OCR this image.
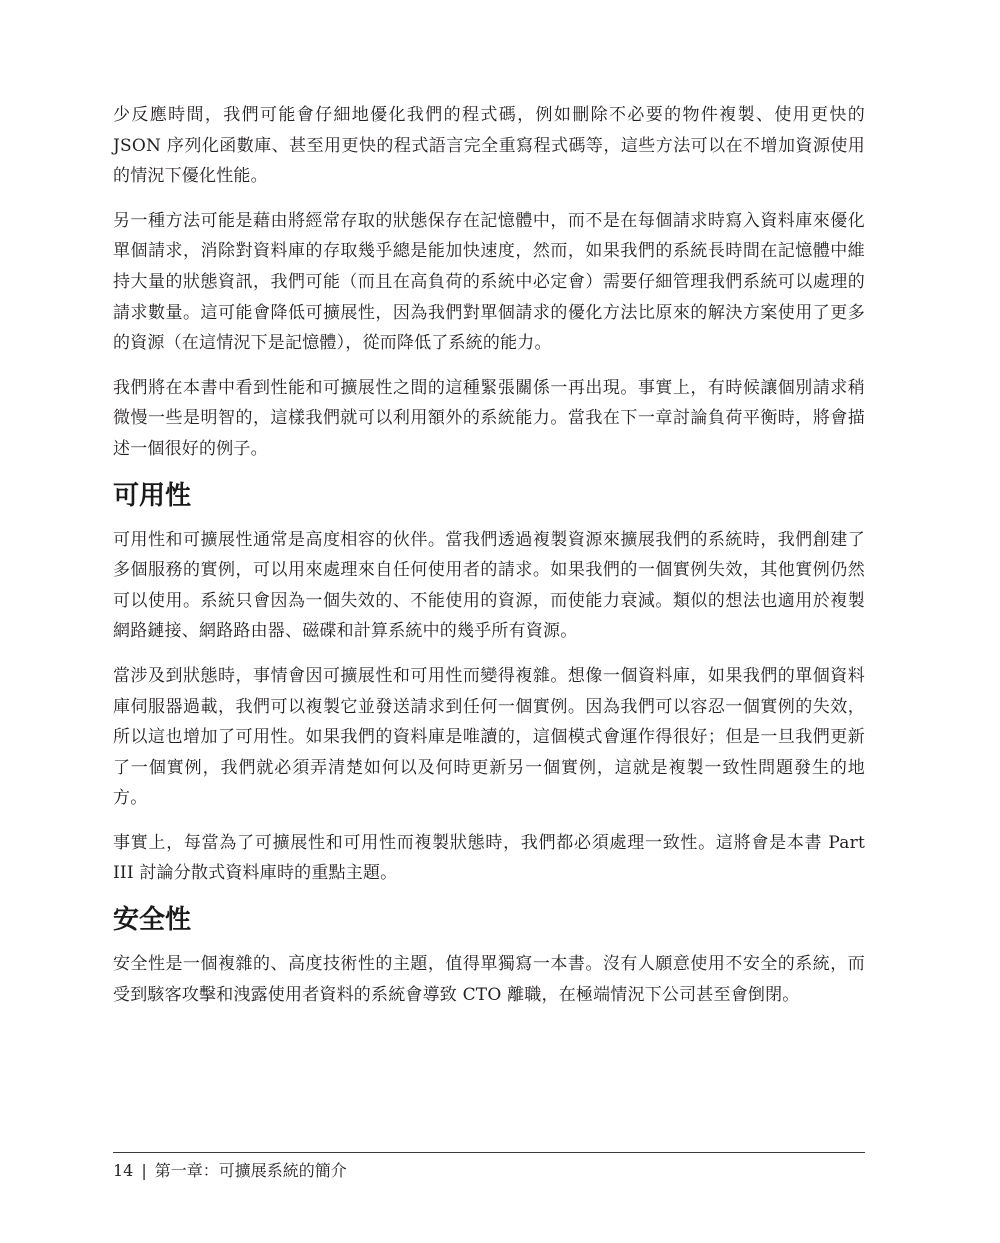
少反應時間，我們可能會仔細地優化我們的程式碼，例如刪除不必要的物件複製、使用更快的 JSON 序列化函數庫、甚至用更快的程式語言完全重寫程式碼等，這些方法可以在不增加資源使用的情況下優化性能。

另一種方法可能是藉由將經常存取的狀態保存在記憶體中，而不是在每個請求時寫入資料庫來優化單個請求，消除對資料庫的存取幾乎總是能加快速度，然而，如果我們的系統長時間在記憶體中維持大量的狀態資訊，我們可能（而且在高負荷的系統中必定會）需要仔細管理我們系統可以處理的請求數量。這可能會降低可擴展性，因為我們對單個請求的優化方法比原來的解決方案使用了更多的資源（在這情況下是記憶體），從而降低了系統的能力。

我們將在本書中看到性能和可擴展性之間的這種緊張關係一再出現。事實上，有時候讓個別請求稍微慢一些是明智的，這樣我們就可以利用額外的系統能力。當我在下一章討論負荷平衡時，將會描述一個很好的例子。

可用性

可用性和可擴展性通常是高度相容的伙伴。當我們透過複製資源來擴展我們的系統時，我們創建了多個服務的實例，可以用來處理來自任何使用者的請求。如果我們的一個實例失效，其他實例仍然可以使用。系統只會因為一個失效的、不能使用的資源，而使能力衰減。類似的想法也適用於複製網路鏈接、網路路由器、磁碟和計算系統中的幾乎所有資源。

當涉及到狀態時，事情會因可擴展性和可用性而變得複雜。想像一個資料庫，如果我們的單個資料庫伺服器過載，我們可以複製它並發送請求到任何一個實例。因為我們可以容忍一個實例的失效，所以這也增加了可用性。如果我們的資料庫是唯讀的，這個模式會運作得很好；但是一旦我們更新了一個實例，我們就必須弄清楚如何以及何時更新另一個實例，這就是複製一致性問題發生的地方。

事實上，每當為了可擴展性和可用性而複製狀態時，我們都必須處理一致性。這將會是本書 Part III 討論分散式資料庫時的重點主題。

安全性

安全性是一個複雜的、高度技術性的主題，值得單獨寫一本書。沒有人願意使用不安全的系統，而受到駭客攻擊和洩露使用者資料的系統會導致 CTO 離職，在極端情況下公司甚至會倒閉。

14 | 第一章：可擴展系統的簡介
